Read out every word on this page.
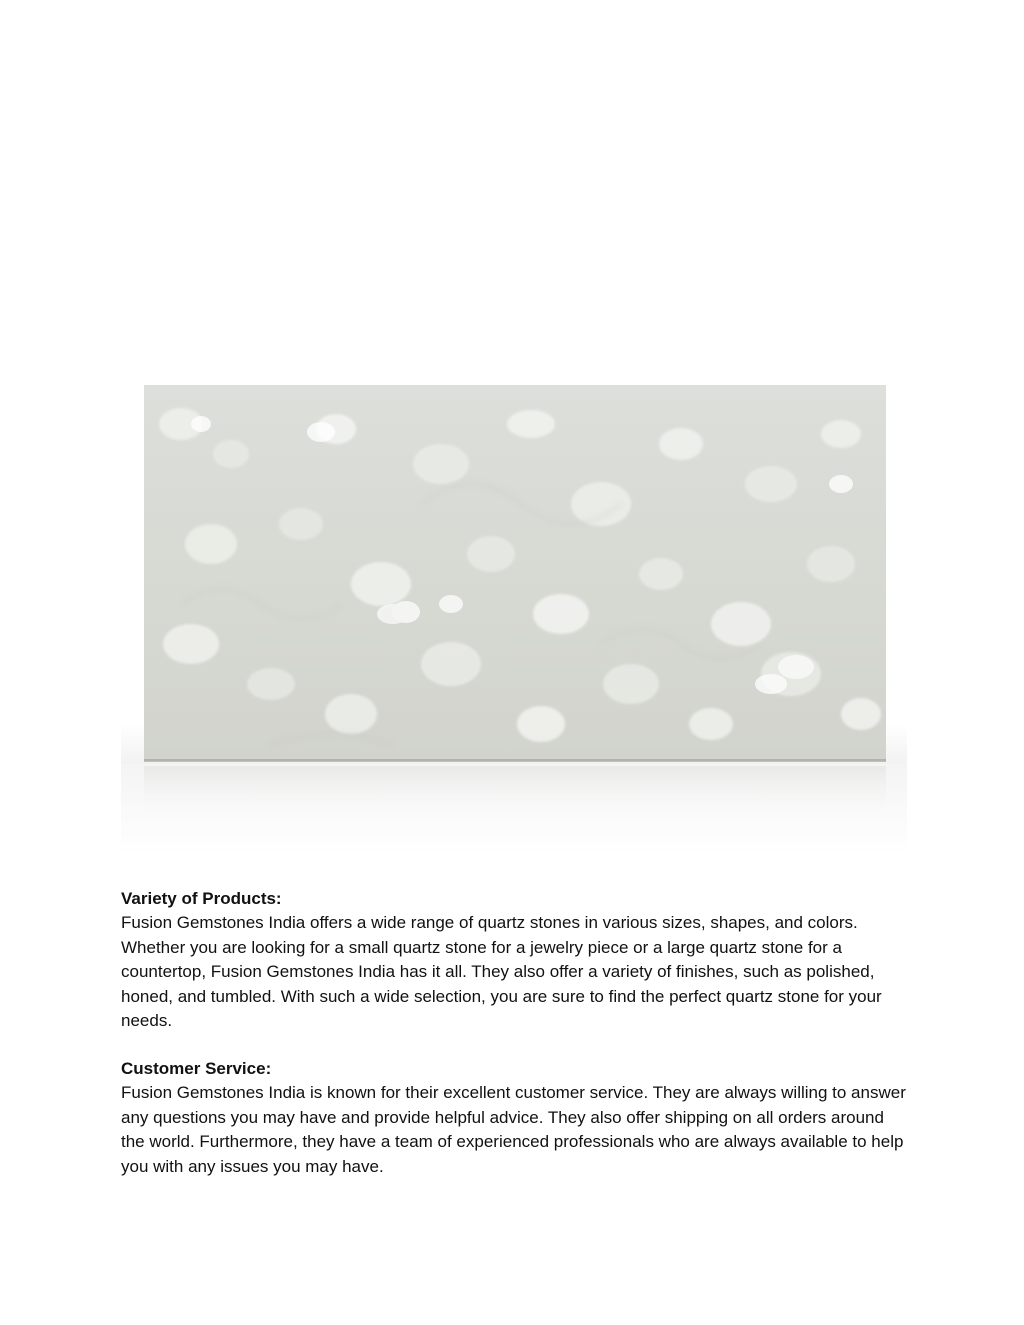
Variety of Products:

Fusion Gemstones India offers a wide range of quartz stones in various sizes, shapes, and colors. Whether you are looking for a small quartz stone for a jewelry piece or a large quartz stone for a countertop, Fusion Gemstones India has it all. They also offer a variety of finishes, such as polished, honed, and tumbled. With such a wide selection, you are sure to find the perfect quartz stone for your needs.

Customer Service:

Fusion Gemstones India is known for their excellent customer service. They are always willing to answer any questions you may have and provide helpful advice. They also offer shipping on all orders around the world. Furthermore, they have a team of experienced professionals who are always available to help you with any issues you may have.
